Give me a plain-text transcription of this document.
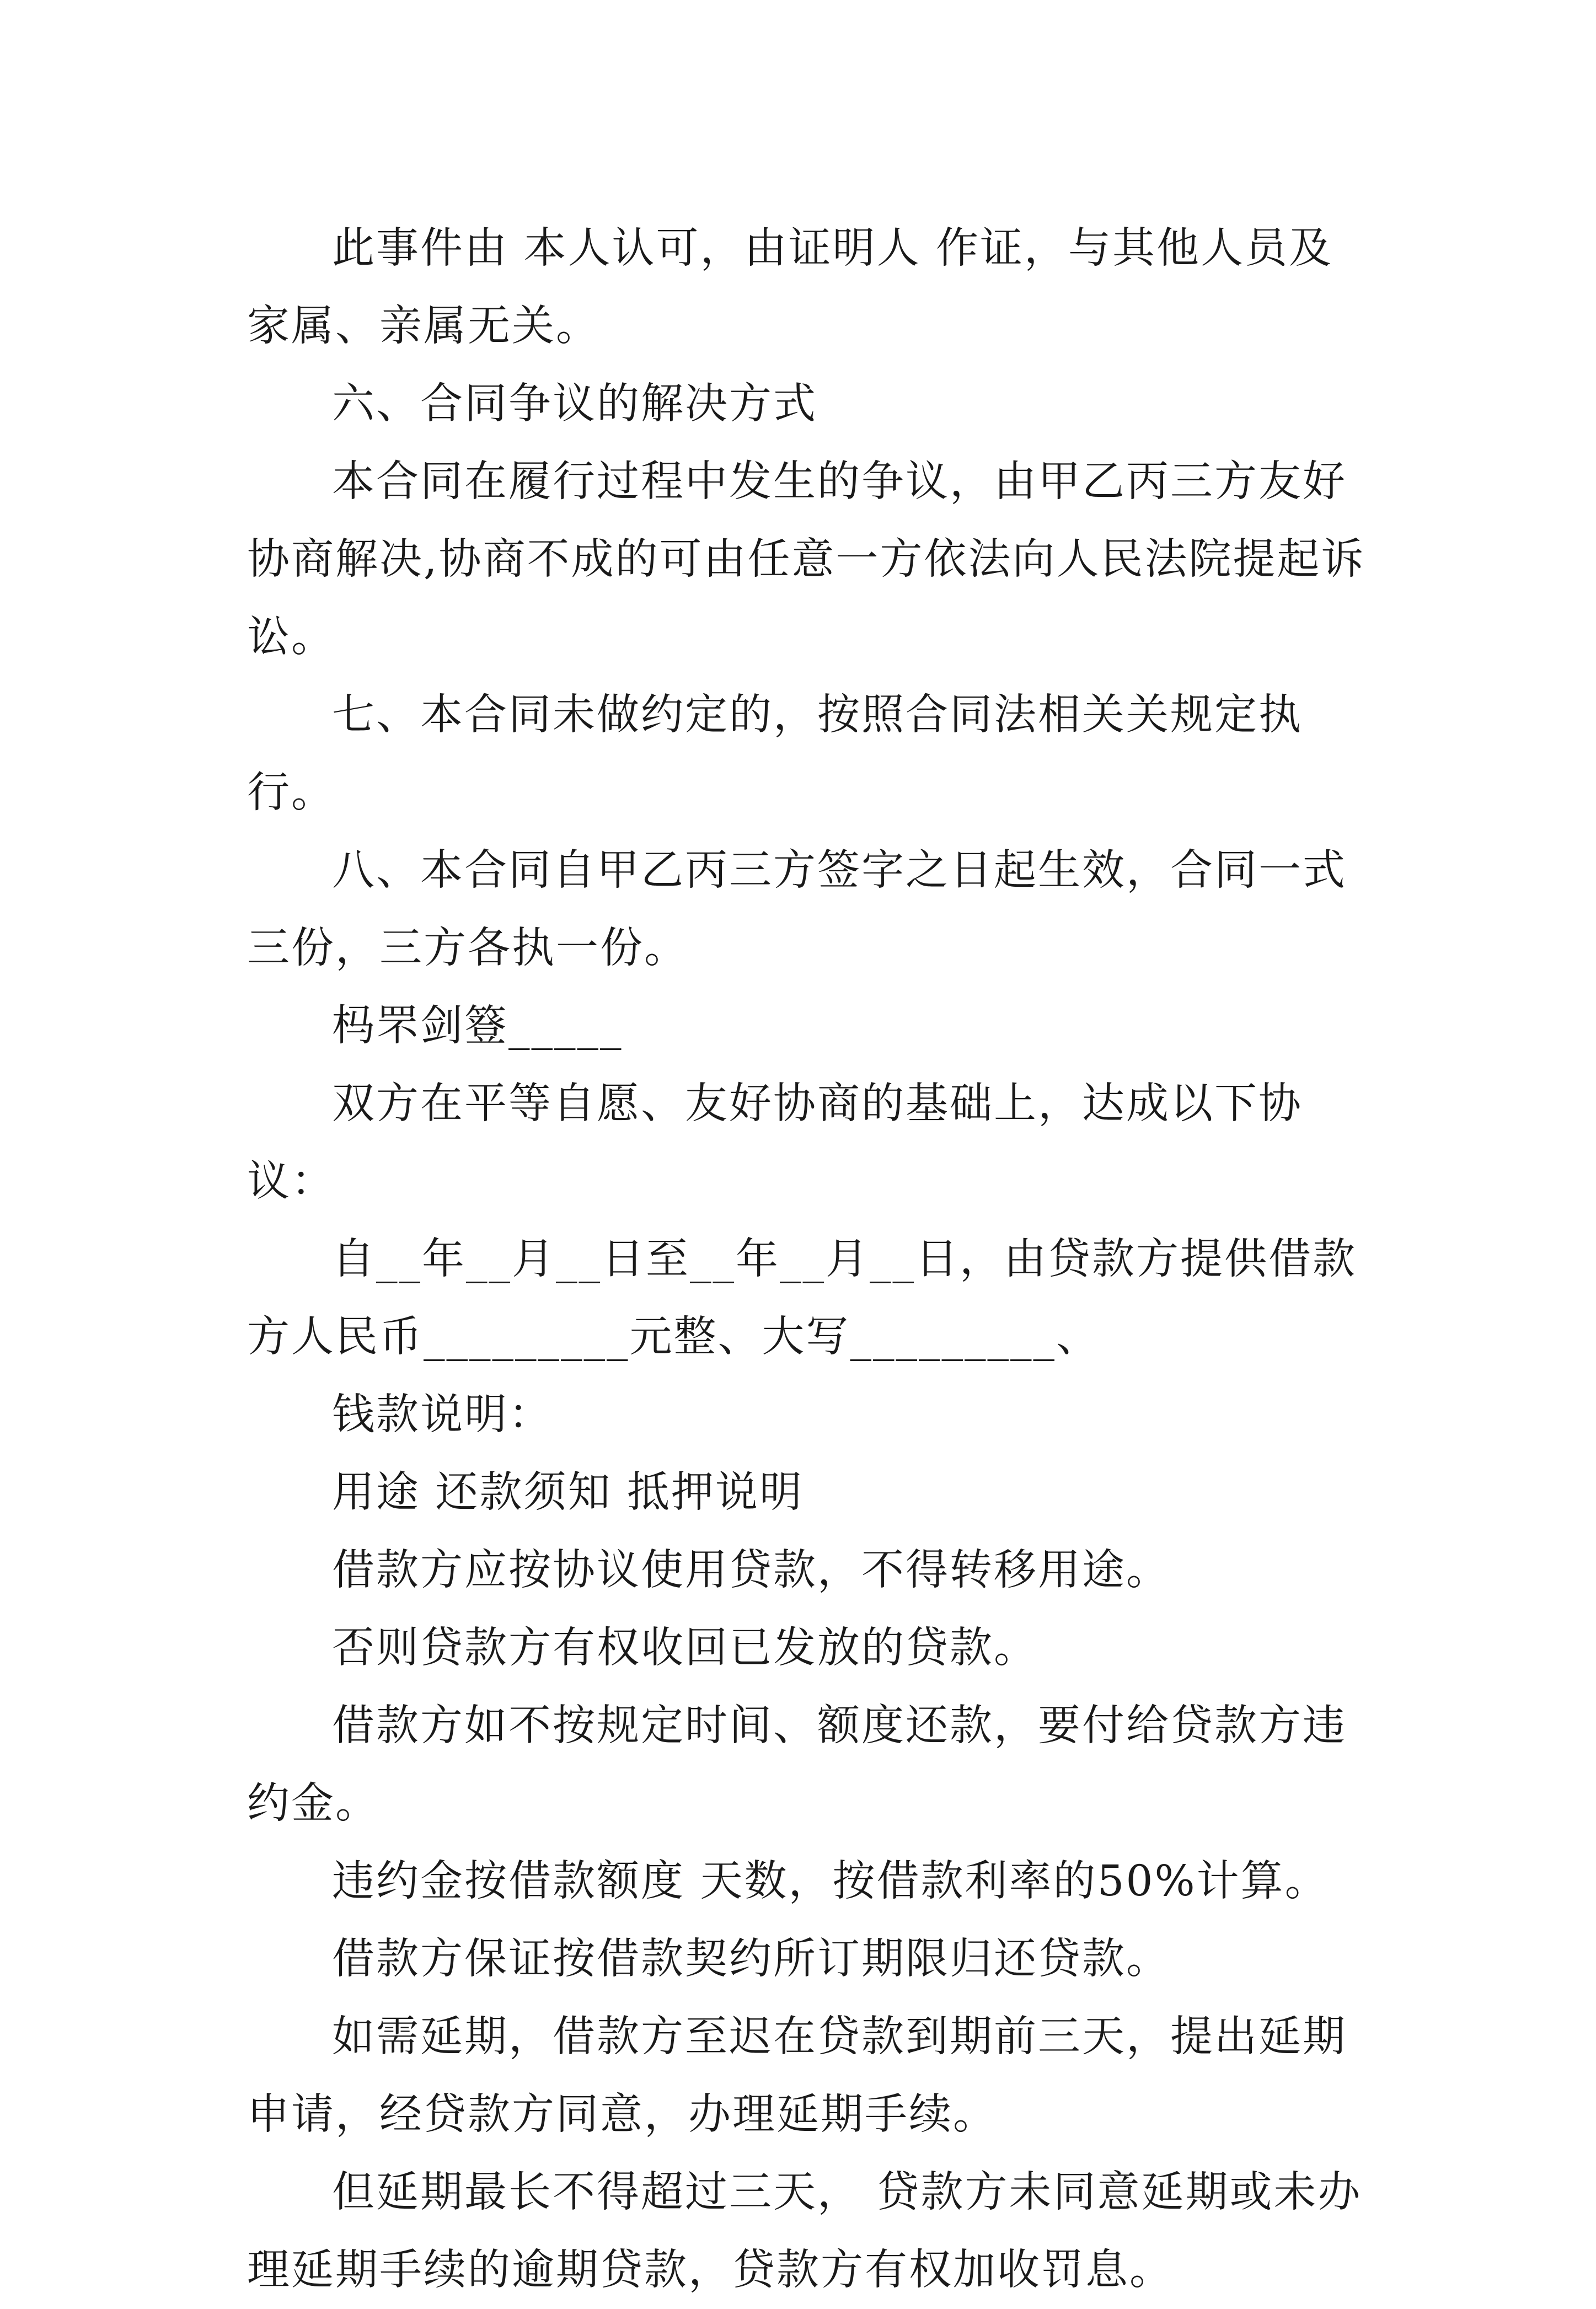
此事件由 本人认可，由证明人 作证，与其他人员及家属、亲属无关。

六、合同争议的解决方式

本合同在履行过程中发生的争议，由甲乙丙三方友好协商解决,协商不成的可由任意一方依法向人民法院提起诉讼。

七、本合同未做约定的，按照合同法相关关规定执行。

八、本合同自甲乙丙三方签字之日起生效，合同一式三份，三方各执一份。

杩罘剑簦_____

双方在平等自愿、友好协商的基础上，达成以下协议：

自__年__月__日至__年__月__日，由贷款方提供借款方人民币_________元整、大写_________、

钱款说明：

用途 还款须知 抵押说明

借款方应按协议使用贷款，不得转移用途。

否则贷款方有权收回已发放的贷款。

借款方如不按规定时间、额度还款，要付给贷款方违约金。

违约金按借款额度 天数，按借款利率的50%计算。

借款方保证按借款契约所订期限归还贷款。

如需延期，借款方至迟在贷款到期前三天，提出延期申请，经贷款方同意，办理延期手续。

但延期最长不得超过三天， 贷款方未同意延期或未办理延期手续的逾期贷款，贷款方有权加收罚息。
